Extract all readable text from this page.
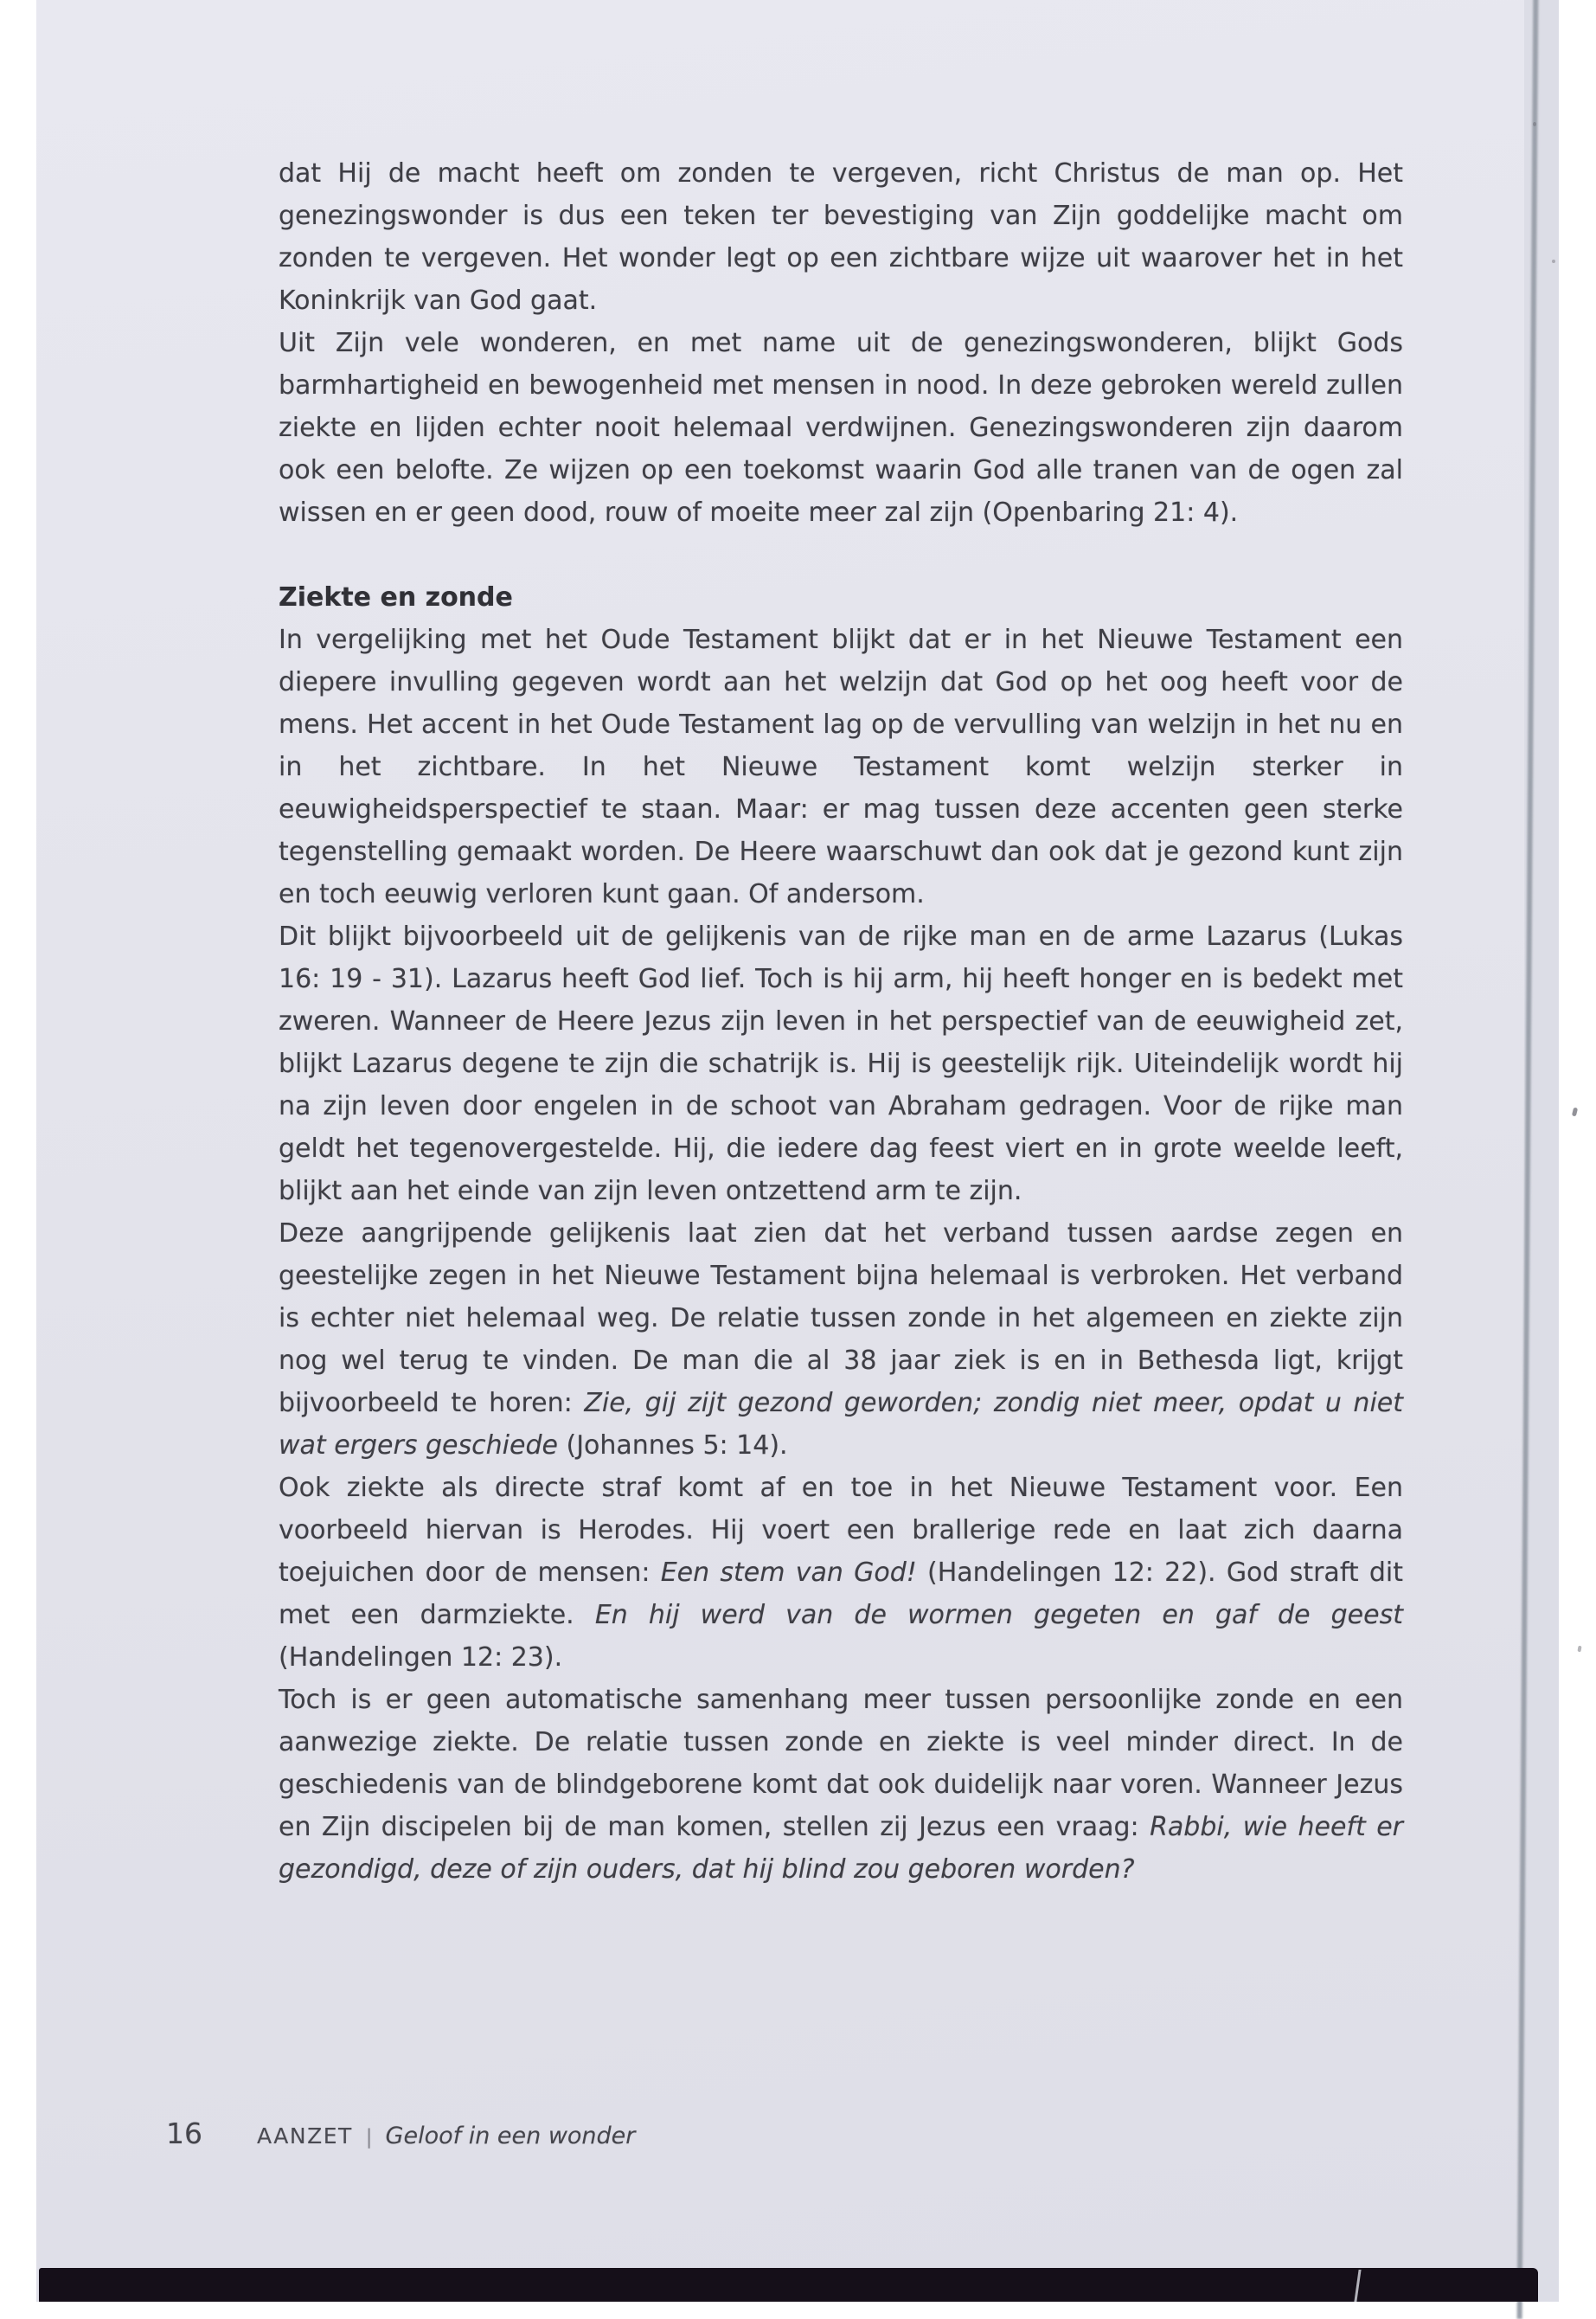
dat Hij de macht heeft om zonden te vergeven, richt Christus de man op. Het genezingswonder is dus een teken ter bevestiging van Zijn goddelijke macht om zonden te vergeven. Het wonder legt op een zichtbare wijze uit waarover het in het Koninkrijk van God gaat.

Uit Zijn vele wonderen, en met name uit de genezingswonderen, blijkt Gods barmhartigheid en bewogenheid met mensen in nood. In deze gebroken wereld zullen ziekte en lijden echter nooit helemaal verdwijnen. Genezingswonderen zijn daarom ook een belofte. Ze wijzen op een toekomst waarin God alle tranen van de ogen zal wissen en er geen dood, rouw of moeite meer zal zijn (Openbaring 21: 4).

Ziekte en zonde

In vergelijking met het Oude Testament blijkt dat er in het Nieuwe Testament een diepere invulling gegeven wordt aan het welzijn dat God op het oog heeft voor de mens. Het accent in het Oude Testament lag op de vervulling van welzijn in het nu en in het zichtbare. In het Nieuwe Testament komt welzijn sterker in eeuwigheidsperspectief te staan. Maar: er mag tussen deze accenten geen sterke tegenstelling gemaakt worden. De Heere waarschuwt dan ook dat je gezond kunt zijn en toch eeuwig verloren kunt gaan. Of andersom.

Dit blijkt bijvoorbeeld uit de gelijkenis van de rijke man en de arme Lazarus (Lukas 16: 19 - 31). Lazarus heeft God lief. Toch is hij arm, hij heeft honger en is bedekt met zweren. Wanneer de Heere Jezus zijn leven in het perspectief van de eeuwigheid zet, blijkt Lazarus degene te zijn die schatrijk is. Hij is geestelijk rijk. Uiteindelijk wordt hij na zijn leven door engelen in de schoot van Abraham gedragen. Voor de rijke man geldt het tegenovergestelde. Hij, die iedere dag feest viert en in grote weelde leeft, blijkt aan het einde van zijn leven ontzettend arm te zijn.

Deze aangrijpende gelijkenis laat zien dat het verband tussen aardse zegen en geestelijke zegen in het Nieuwe Testament bijna helemaal is verbroken. Het verband is echter niet helemaal weg. De relatie tussen zonde in het algemeen en ziekte zijn nog wel terug te vinden. De man die al 38 jaar ziek is en in Bethesda ligt, krijgt bijvoorbeeld te horen: Zie, gij zijt gezond geworden; zondig niet meer, opdat u niet wat ergers geschiede (Johannes 5: 14).

Ook ziekte als directe straf komt af en toe in het Nieuwe Testament voor. Een voorbeeld hiervan is Herodes. Hij voert een brallerige rede en laat zich daarna toejuichen door de mensen: Een stem van God! (Handelingen 12: 22). God straft dit met een darmziekte. En hij werd van de wormen gegeten en gaf de geest (Handelingen 12: 23).

Toch is er geen automatische samenhang meer tussen persoonlijke zonde en een aanwezige ziekte. De relatie tussen zonde en ziekte is veel minder direct. In de geschiedenis van de blindgeborene komt dat ook duidelijk naar voren. Wanneer Jezus en Zijn discipelen bij de man komen, stellen zij Jezus een vraag: Rabbi, wie heeft er gezondigd, deze of zijn ouders, dat hij blind zou geboren worden?

16	AANZET | Geloof in een wonder
